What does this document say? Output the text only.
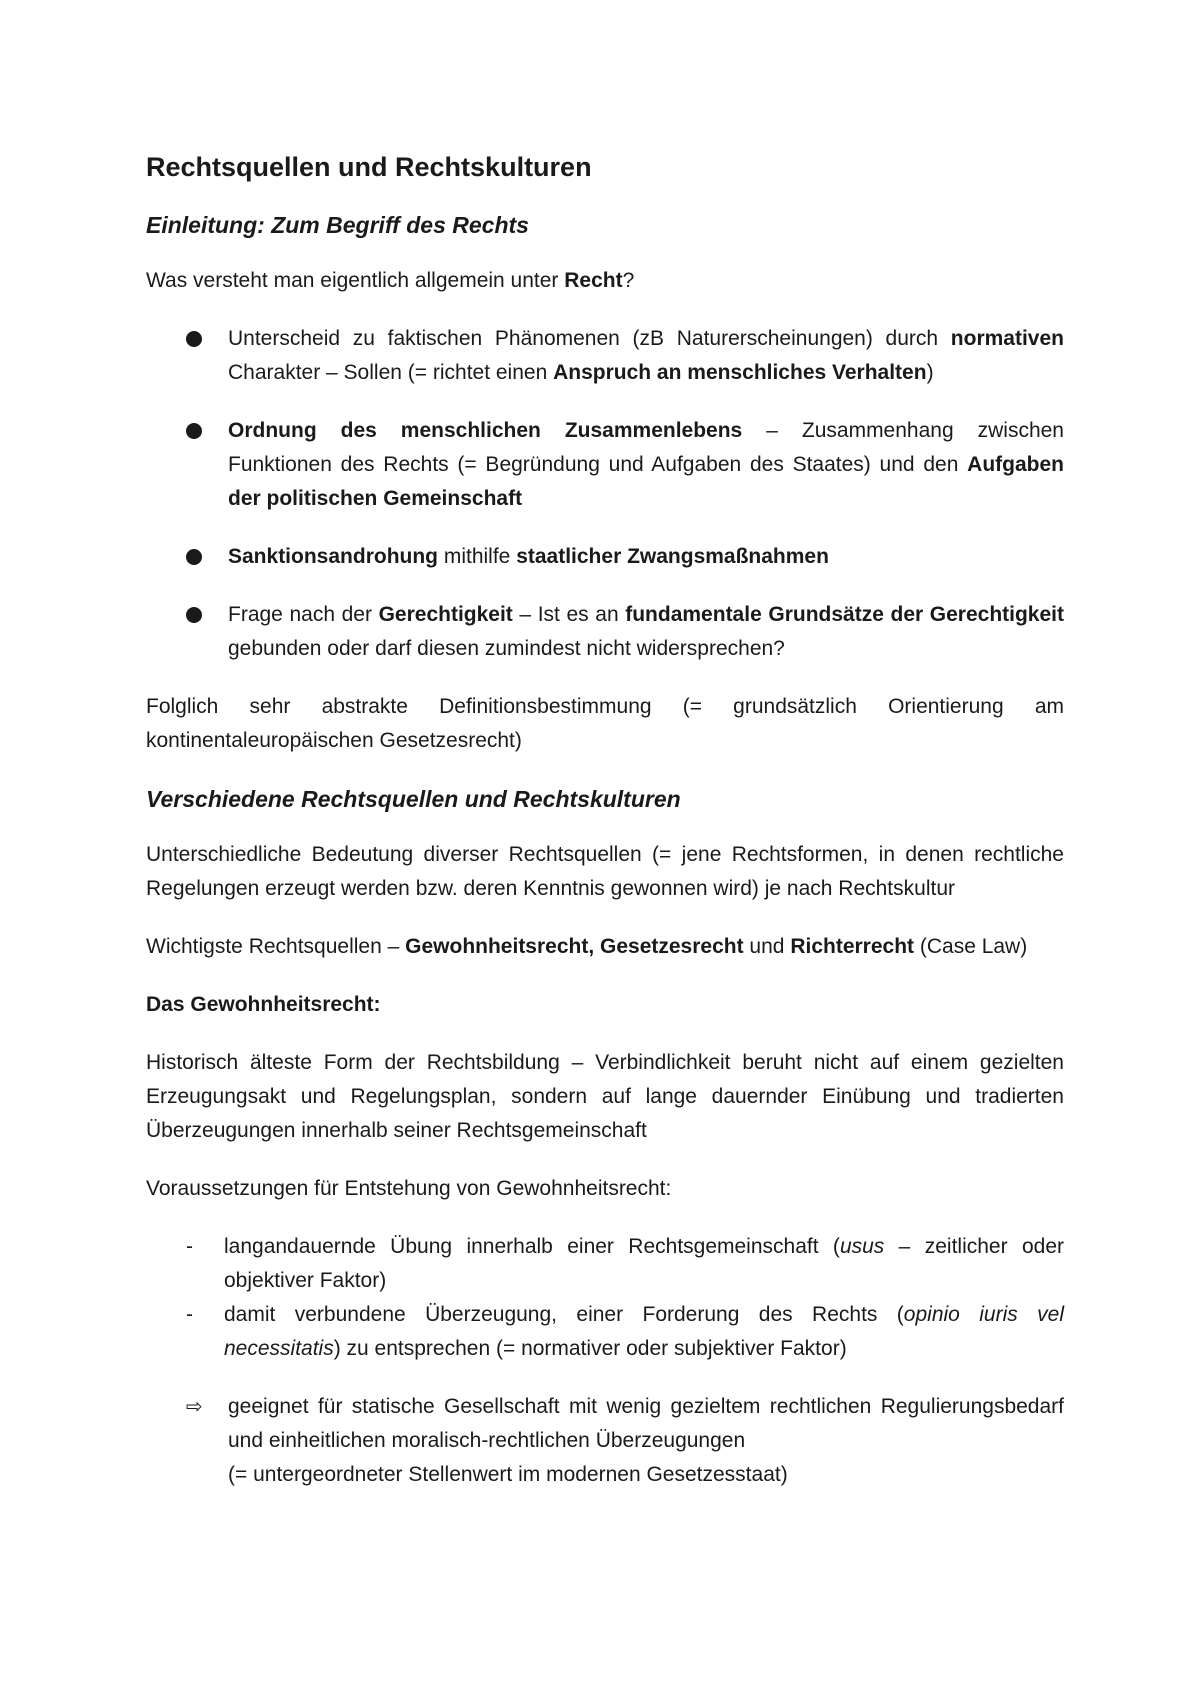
Rechtsquellen und Rechtskulturen
Einleitung: Zum Begriff des Rechts

Was versteht man eigentlich allgemein unter Recht?

Unterscheid zu faktischen Phänomenen (zB Naturerscheinungen) durch normativen Charakter – Sollen (= richtet einen Anspruch an menschliches Verhalten)
Ordnung des menschlichen Zusammenlebens – Zusammenhang zwischen Funktionen des Rechts (= Begründung und Aufgaben des Staates) und den Aufgaben der politischen Gemeinschaft
Sanktionsandrohung mithilfe staatlicher Zwangsmaßnahmen
Frage nach der Gerechtigkeit – Ist es an fundamentale Grundsätze der Gerechtigkeit gebunden oder darf diesen zumindest nicht widersprechen?

Folglich sehr abstrakte Definitionsbestimmung (= grundsätzlich Orientierung am kontinentaleuropäischen Gesetzesrecht)

Verschiedene Rechtsquellen und Rechtskulturen

Unterschiedliche Bedeutung diverser Rechtsquellen (= jene Rechtsformen, in denen rechtliche Regelungen erzeugt werden bzw. deren Kenntnis gewonnen wird) je nach Rechtskultur

Wichtigste Rechtsquellen – Gewohnheitsrecht, Gesetzesrecht und Richterrecht (Case Law)

Das Gewohnheitsrecht:

Historisch älteste Form der Rechtsbildung – Verbindlichkeit beruht nicht auf einem gezielten Erzeugungsakt und Regelungsplan, sondern auf lange dauernder Einübung und tradierten Überzeugungen innerhalb seiner Rechtsgemeinschaft

Voraussetzungen für Entstehung von Gewohnheitsrecht:

- langandauernde Übung innerhalb einer Rechtsgemeinschaft (usus – zeitlicher oder objektiver Faktor)
- damit verbundene Überzeugung, einer Forderung des Rechts (opinio iuris vel necessitatis) zu entsprechen (= normativer oder subjektiver Faktor)
⇨ geeignet für statische Gesellschaft mit wenig gezieltem rechtlichen Regulierungsbedarf und einheitlichen moralisch-rechtlichen Überzeugungen
(= untergeordneter Stellenwert im modernen Gesetzesstaat)
